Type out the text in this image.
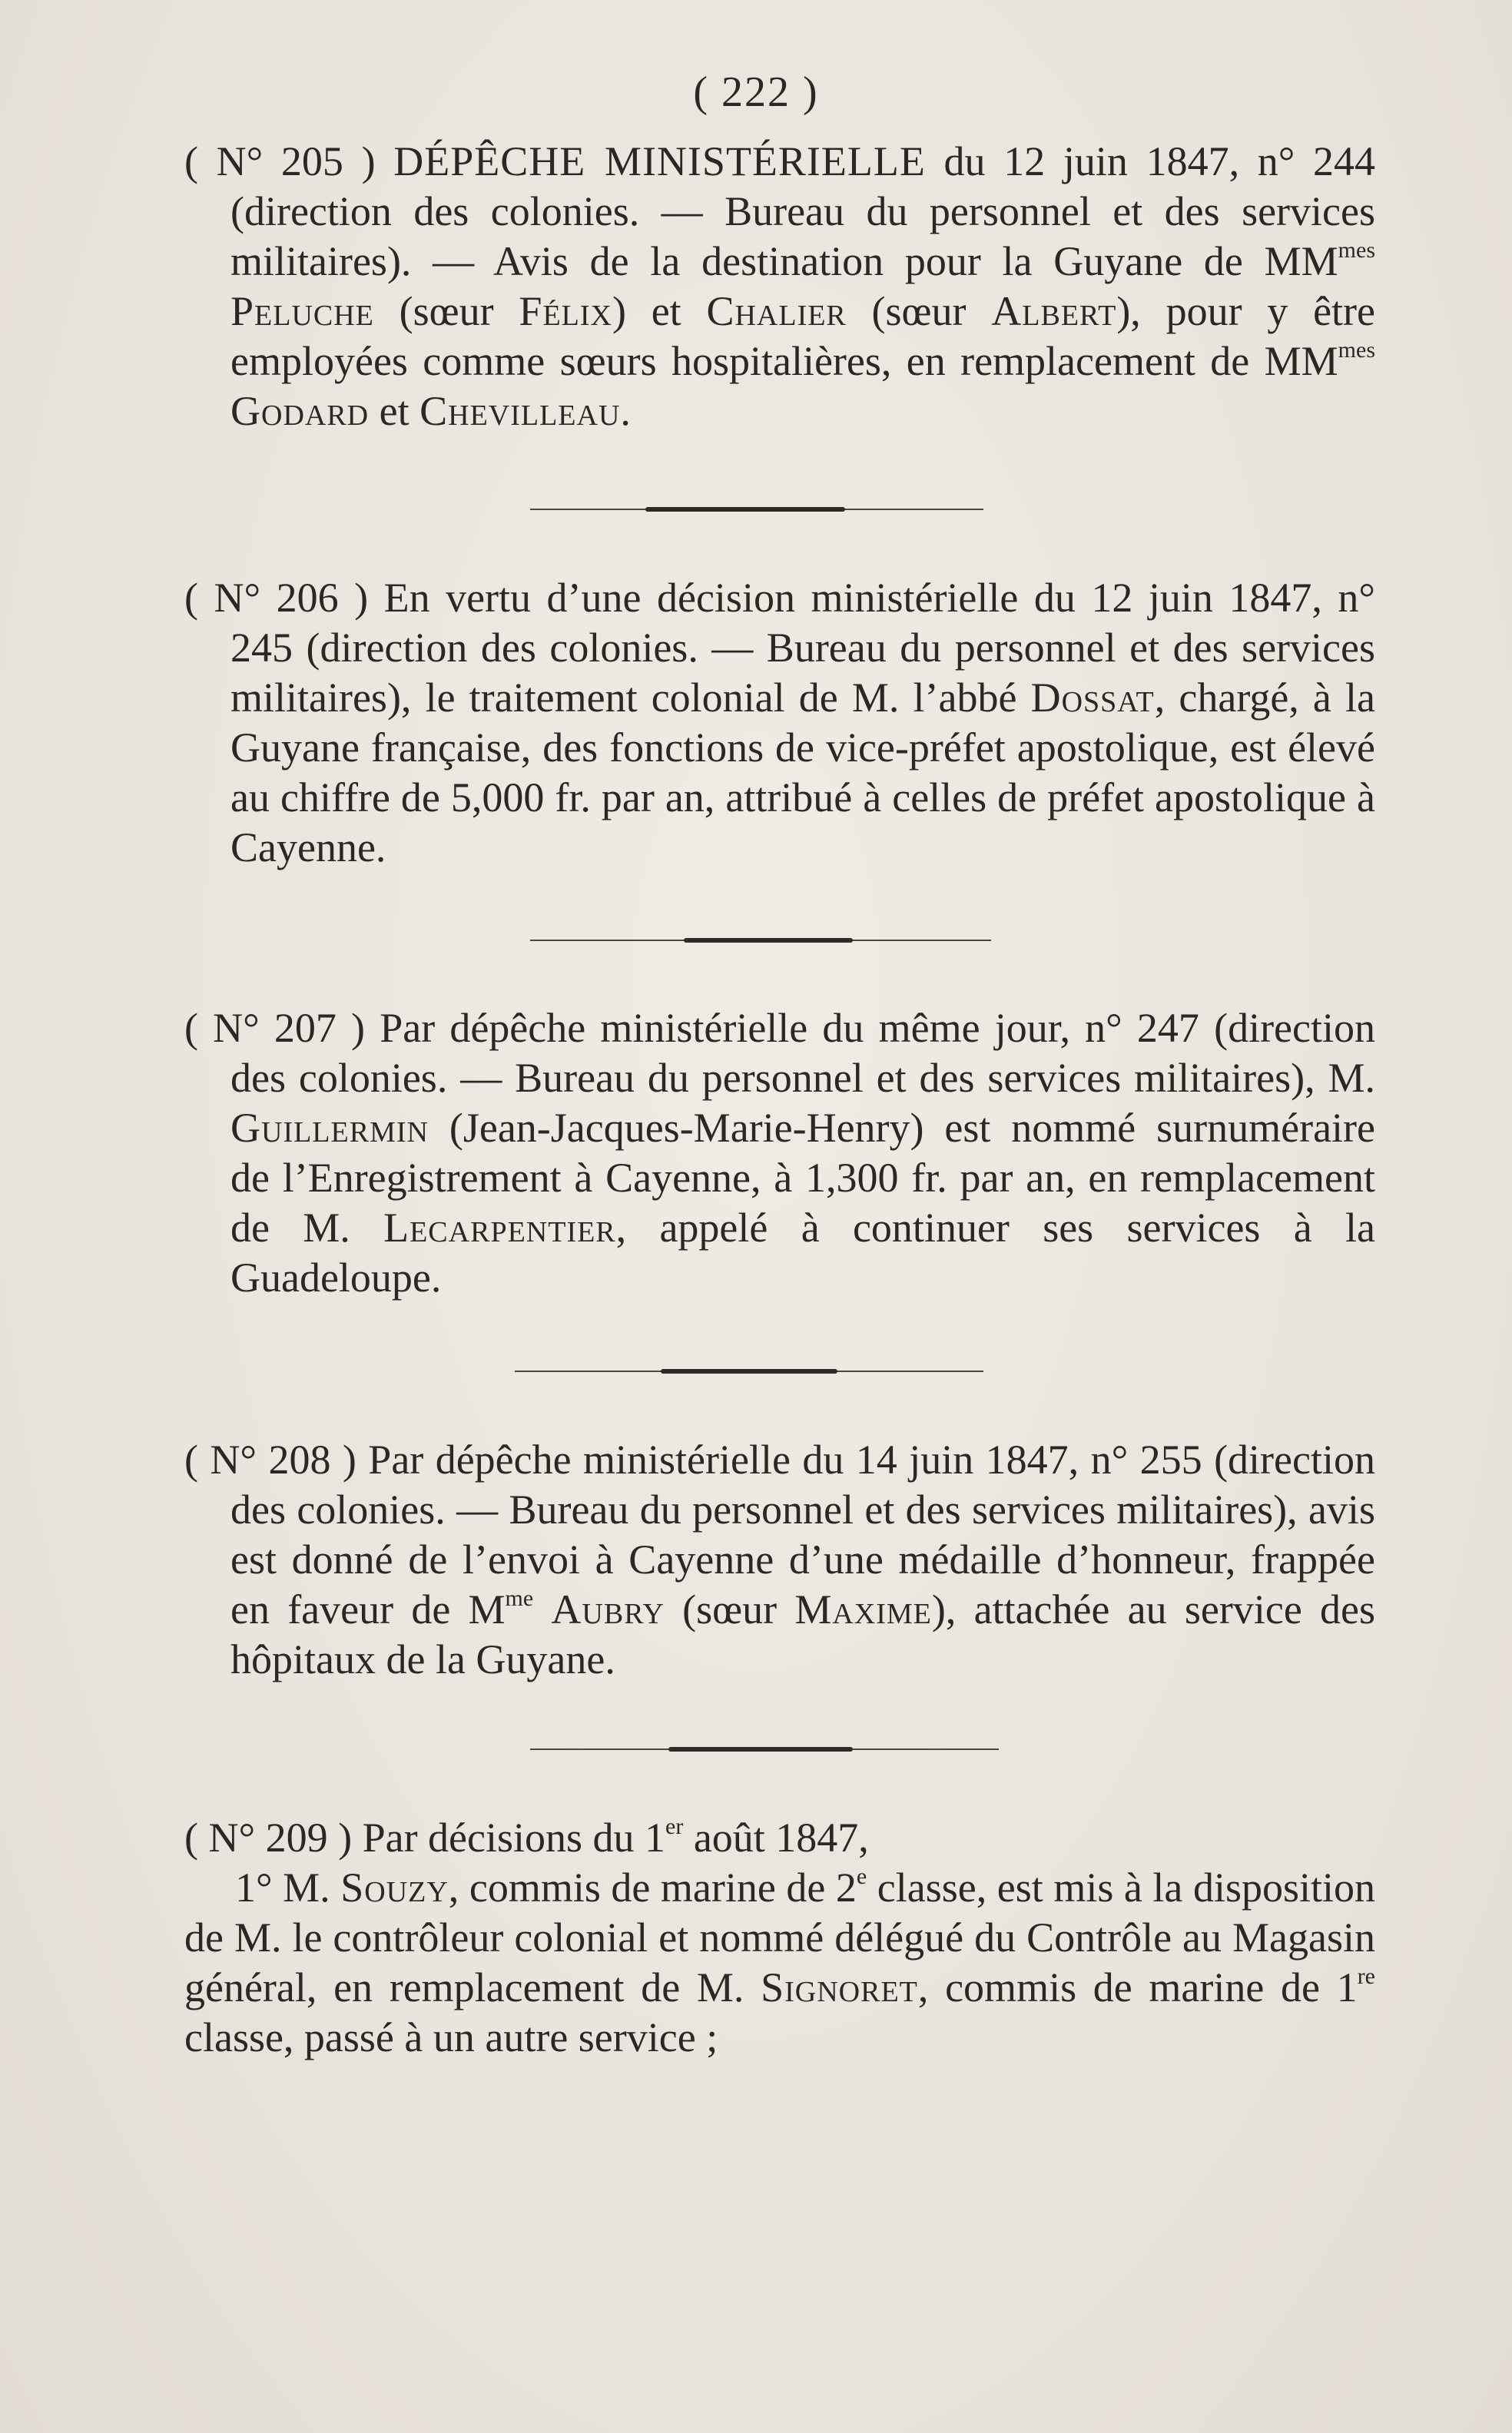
( 222 )

( N° 205 ) DÉPÊCHE MINISTÉRIELLE du 12 juin 1847, n° 244 (direction des colonies. — Bureau du personnel et des services militaires). — Avis de la destination pour la Guyane de $MM^{mes}$ Peluche (sœur Félix) et Chalier (sœur Albert), pour y être employées comme sœurs hospitalières, en remplacement de $MM^{mes}$ Godard et Chevilleau.

( N° 206 ) En vertu d’une décision ministérielle du 12 juin 1847, n° 245 (direction des colonies. — Bureau du personnel et des services militaires), le traitement colonial de M. l’abbé Dossat, chargé, à la Guyane française, des fonctions de vice-préfet apostolique, est élevé au chiffre de 5,000 fr. par an, attribué à celles de préfet apostolique à Cayenne.

( N° 207 ) Par dépêche ministérielle du même jour, n° 247 (direction des colonies. — Bureau du personnel et des services militaires), M. Guillermin (Jean-Jacques-Marie-Henry) est nommé surnuméraire de l’Enregistrement à Cayenne, à 1,300 fr. par an, en remplacement de M. Lecarpentier, appelé à continuer ses services à la Guadeloupe.

( N° 208 ) Par dépêche ministérielle du 14 juin 1847, n° 255 (direction des colonies. — Bureau du personnel et des services militaires), avis est donné de l’envoi à Cayenne d’une médaille d’honneur, frappée en faveur de $M^{me}$ Aubry (sœur Maxime), attachée au service des hôpitaux de la Guyane.

( N° 209 ) Par décisions du 1er août 1847,

1° M. Souzy, commis de marine de 2e classe, est mis à la disposition de M. le contrôleur colonial et nommé délégué du Contrôle au Magasin général, en remplacement de M. Signoret, commis de marine de 1re classe, passé à un autre service ;
